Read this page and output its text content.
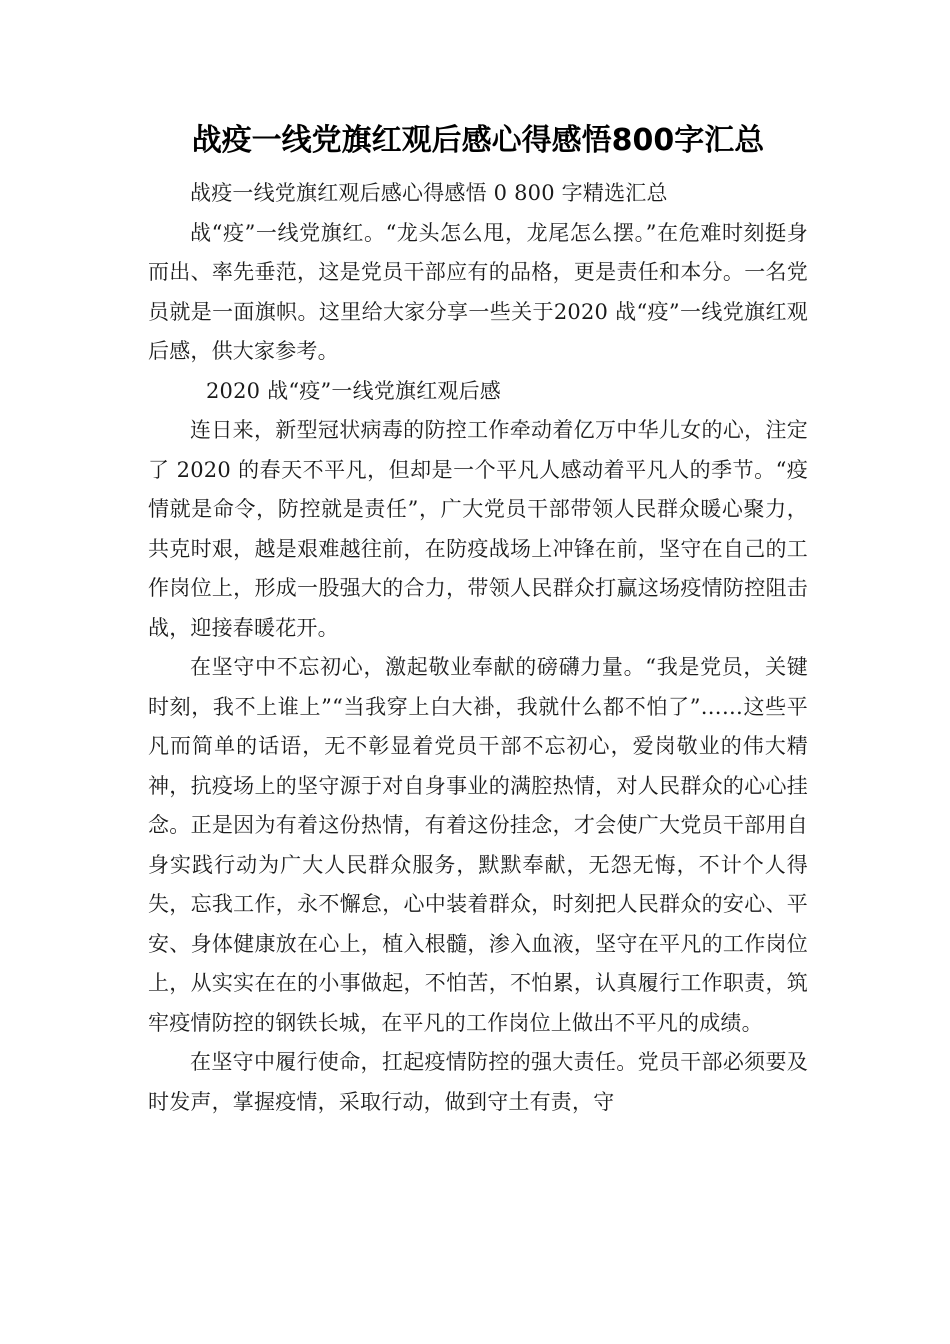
战疫一线党旗红观后感心得感悟800字汇总

战疫一线党旗红观后感心得感悟 0 800 字精选汇总

战“疫”一线党旗红。“龙头怎么甩，龙尾怎么摆。”在危难时刻挺身而出、率先垂范，这是党员干部应有的品格，更是责任和本分。一名党员就是一面旗帜。这里给大家分享一些关于2020 战“疫”一线党旗红观后感，供大家参考。

2020 战“疫”一线党旗红观后感

连日来，新型冠状病毒的防控工作牵动着亿万中华儿女的心，注定了 2020 的春天不平凡，但却是一个平凡人感动着平凡人的季节。“疫情就是命令，防控就是责任”，广大党员干部带领人民群众暖心聚力，共克时艰，越是艰难越往前，在防疫战场上冲锋在前，坚守在自己的工作岗位上，形成一股强大的合力，带领人民群众打赢这场疫情防控阻击战，迎接春暖花开。

在坚守中不忘初心，激起敬业奉献的磅礴力量。“我是党员，关键时刻，我不上谁上”“当我穿上白大褂，我就什么都不怕了”……这些平凡而简单的话语，无不彰显着党员干部不忘初心，爱岗敬业的伟大精神，抗疫场上的坚守源于对自身事业的满腔热情，对人民群众的心心挂念。正是因为有着这份热情，有着这份挂念，才会使广大党员干部用自身实践行动为广大人民群众服务，默默奉献，无怨无悔，不计个人得失，忘我工作，永不懈怠，心中装着群众，时刻把人民群众的安心、平安、身体健康放在心上，植入根髓，渗入血液，坚守在平凡的工作岗位上，从实实在在的小事做起，不怕苦，不怕累，认真履行工作职责，筑牢疫情防控的钢铁长城，在平凡的工作岗位上做出不平凡的成绩。

在坚守中履行使命，扛起疫情防控的强大责任。党员干部必须要及时发声，掌握疫情，采取行动，做到守土有责，守
